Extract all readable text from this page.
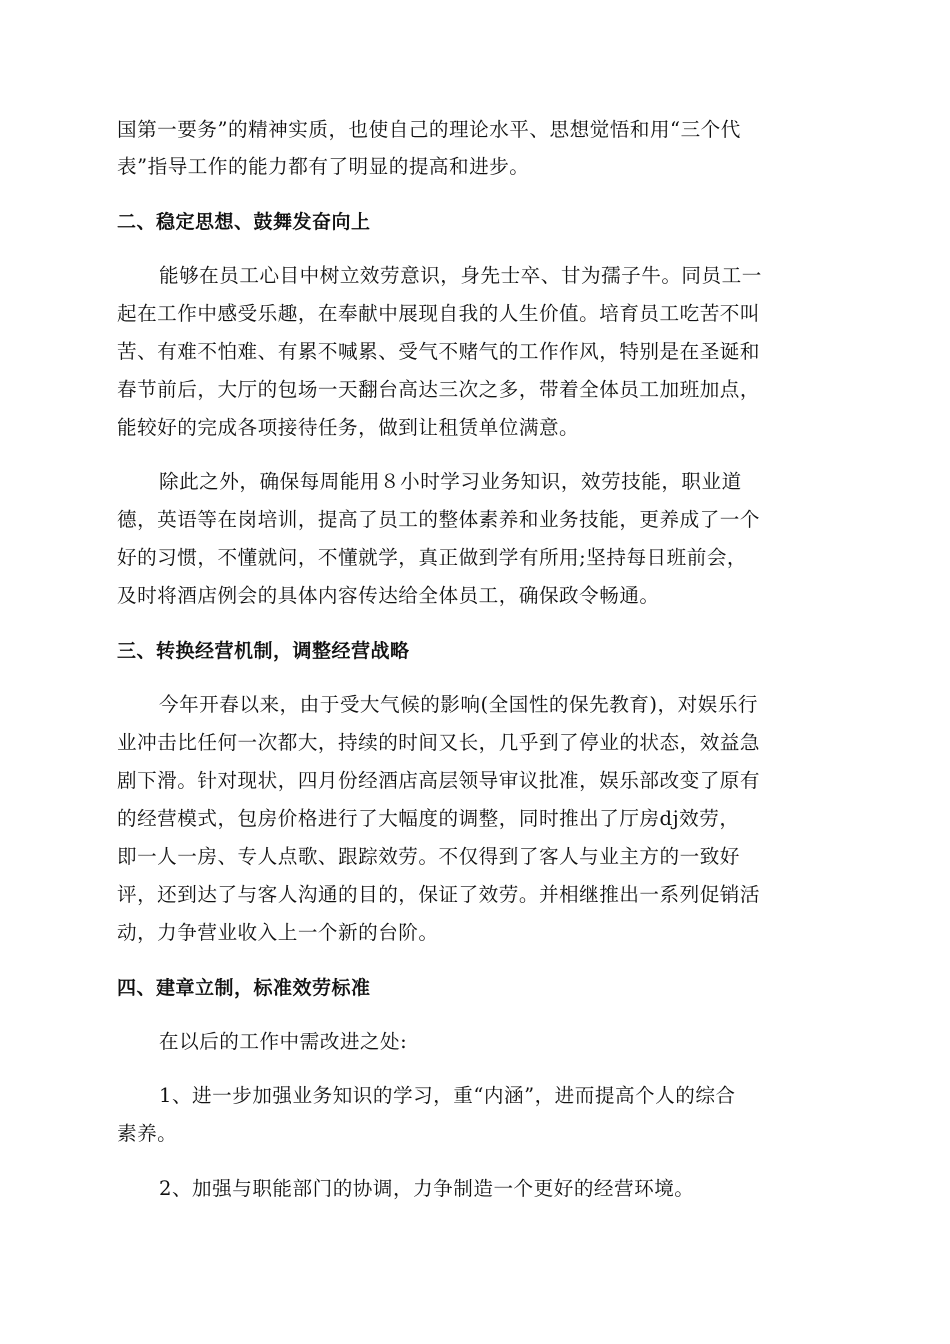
国第一要务”的精神实质，也使自己的理论水平、思想觉悟和用“三个代
表”指导工作的能力都有了明显的提高和进步。
二、稳定思想、鼓舞发奋向上
能够在员工心目中树立效劳意识，身先士卒、甘为孺子牛。同员工一
起在工作中感受乐趣，在奉献中展现自我的人生价值。培育员工吃苦不叫
苦、有难不怕难、有累不喊累、受气不赌气的工作作风，特别是在圣诞和
春节前后，大厅的包场一天翻台高达三次之多，带着全体员工加班加点，
能较好的完成各项接待任务，做到让租赁单位满意。
除此之外，确保每周能用８小时学习业务知识，效劳技能，职业道
德，英语等在岗培训，提高了员工的整体素养和业务技能，更养成了一个
好的习惯，不懂就问，不懂就学，真正做到学有所用;坚持每日班前会，
及时将酒店例会的具体内容传达给全体员工，确保政令畅通。
三、转换经营机制，调整经营战略
今年开春以来，由于受大气候的影响(全国性的保先教育)，对娱乐行
业冲击比任何一次都大，持续的时间又长，几乎到了停业的状态，效益急
剧下滑。针对现状，四月份经酒店高层领导审议批准，娱乐部改变了原有
的经营模式，包房价格进行了大幅度的调整，同时推出了厅房dj效劳，
即一人一房、专人点歌、跟踪效劳。不仅得到了客人与业主方的一致好
评，还到达了与客人沟通的目的，保证了效劳。并相继推出一系列促销活
动，力争营业收入上一个新的台阶。
四、建章立制，标准效劳标准
在以后的工作中需改进之处:
1、进一步加强业务知识的学习，重“内涵”，进而提高个人的综合
素养。
2、加强与职能部门的协调，力争制造一个更好的经营环境。
